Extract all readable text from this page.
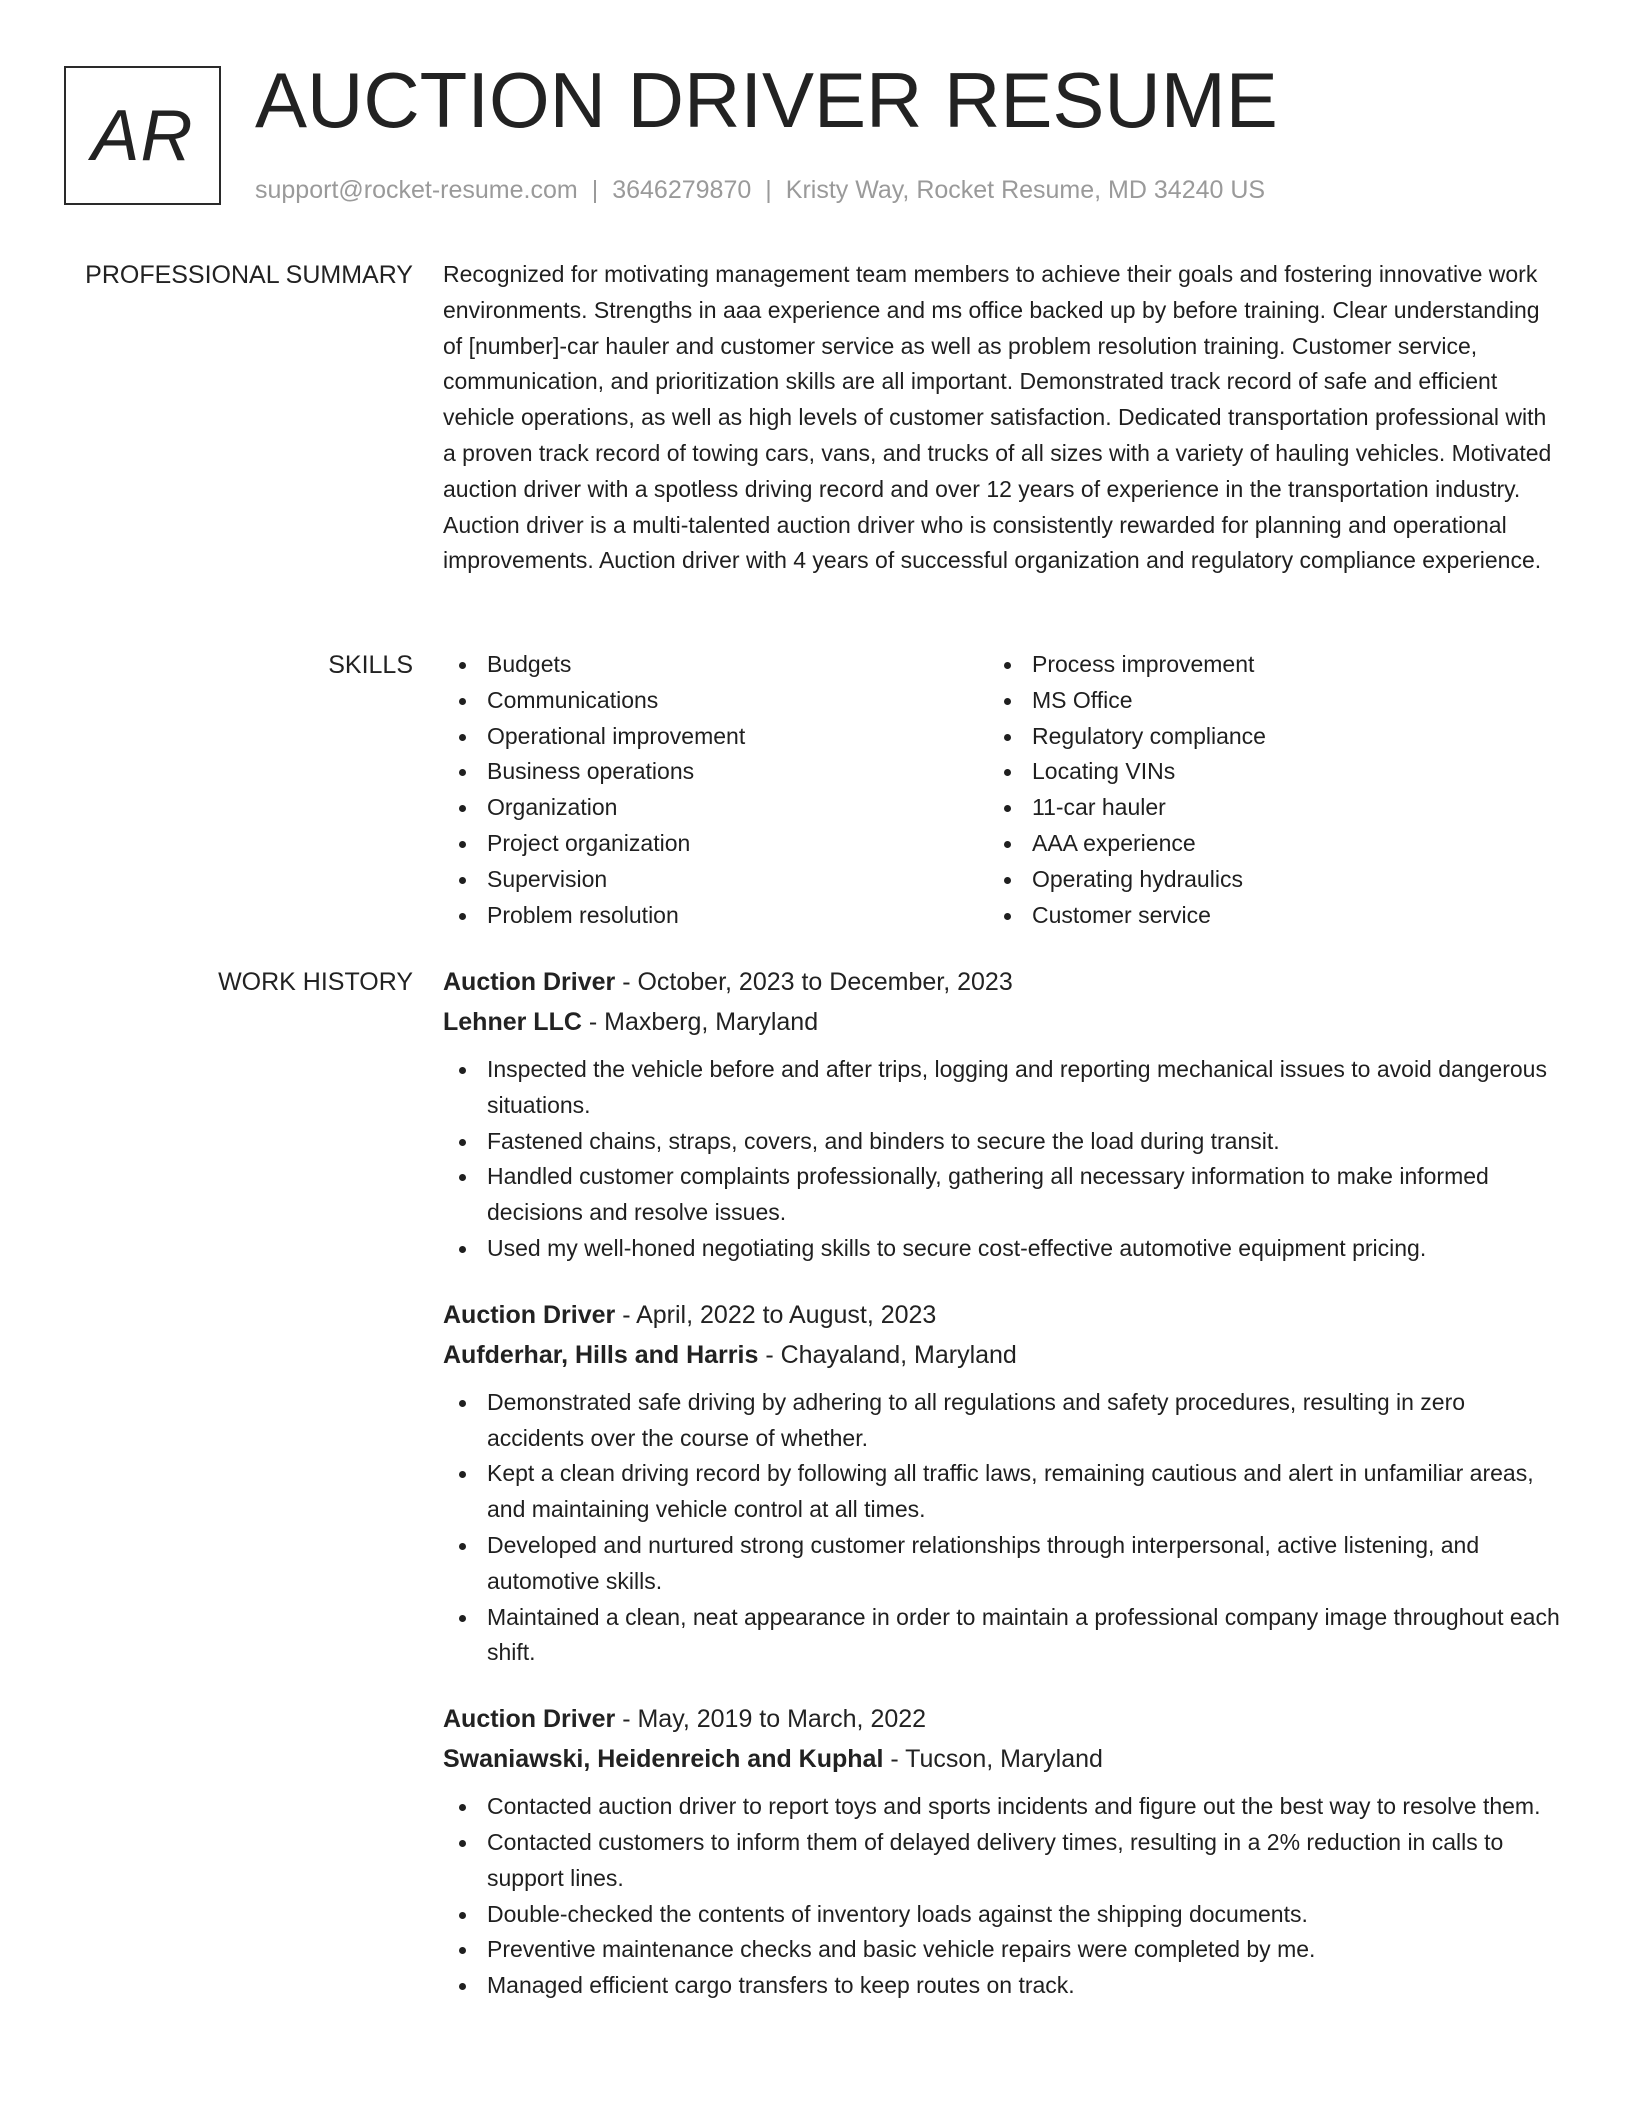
AR AUCTION DRIVER RESUME
support@rocket-resume.com | 3646279870 | Kristy Way, Rocket Resume, MD 34240 US
PROFESSIONAL SUMMARY Recognized for motivating management team members to achieve their goals and fostering innovative work environments. Strengths in aaa experience and ms office backed up by before training. Clear understanding of [number]-car hauler and customer service as well as problem resolution training. Customer service, communication, and prioritization skills are all important. Demonstrated track record of safe and efficient vehicle operations, as well as high levels of customer satisfaction. Dedicated transportation professional with a proven track record of towing cars, vans, and trucks of all sizes with a variety of hauling vehicles. Motivated auction driver with a spotless driving record and over 12 years of experience in the transportation industry. Auction driver is a multi-talented auction driver who is consistently rewarded for planning and operational improvements. Auction driver with 4 years of successful organization and regulatory compliance experience.

SKILLS	Budgets
Communications
Operational improvement
Business operations
Organization
Project organization
Supervision
Problem resolution
Process improvement
MS Office
Regulatory compliance
Locating VINs
11-car hauler
AAA experience
Operating hydraulics
Customer service
WORK HISTORY Auction Driver - October, 2023 to December, 2023
Lehner LLC - Maxberg, Maryland
Inspected the vehicle before and after trips, logging and reporting mechanical issues to avoid dangerous situations.
Fastened chains, straps, covers, and binders to secure the load during transit.
Handled customer complaints professionally, gathering all necessary information to make informed decisions and resolve issues.
Used my well-honed negotiating skills to secure cost-effective automotive equipment pricing.
Auction Driver - April, 2022 to August, 2023
Aufderhar, Hills and Harris - Chayaland, Maryland
Demonstrated safe driving by adhering to all regulations and safety procedures, resulting in zero accidents over the course of whether.
Kept a clean driving record by following all traffic laws, remaining cautious and alert in unfamiliar areas, and maintaining vehicle control at all times.
Developed and nurtured strong customer relationships through interpersonal, active listening, and automotive skills.
Maintained a clean, neat appearance in order to maintain a professional company image throughout each shift.
Auction Driver - May, 2019 to March, 2022
Swaniawski, Heidenreich and Kuphal - Tucson, Maryland
Contacted auction driver to report toys and sports incidents and figure out the best way to resolve them.
Contacted customers to inform them of delayed delivery times, resulting in a 2% reduction in calls to support lines.
Double-checked the contents of inventory loads against the shipping documents.
Preventive maintenance checks and basic vehicle repairs were completed by me.
Managed efficient cargo transfers to keep routes on track.
